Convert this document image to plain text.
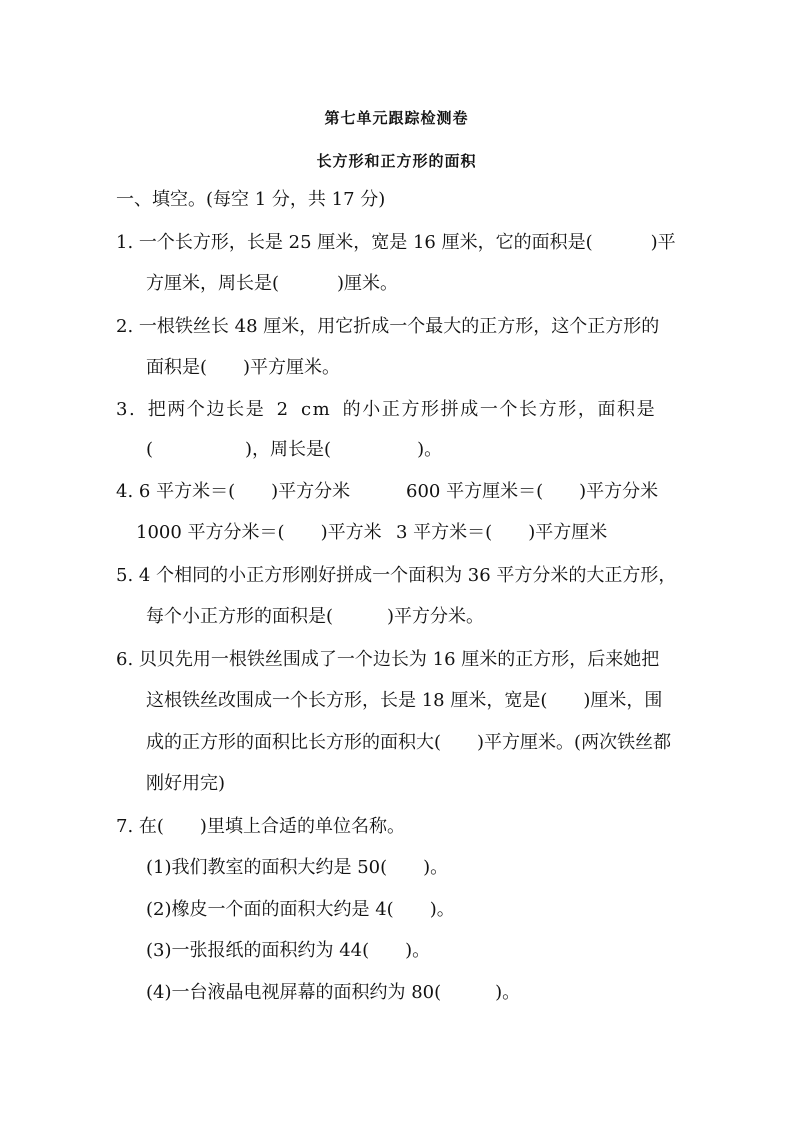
第七单元跟踪检测卷
长方形和正方形的面积
一、填空。(每空 1 分，共 17 分)
1. 一个长方形，长是 25 厘米，宽是 16 厘米，它的面积是(	)平
方厘米，周长是(	)厘米。
2. 一根铁丝长 48 厘米，用它折成一个最大的正方形，这个正方形的
面积是( )平方厘米。
3. 把两个边长是 2 cm 的小正方形拼成一个长方形，面积是
(	)，周长是(	)。
4. 6 平方米＝( )平方分米	600 平方厘米＝( )平方分米
1000 平方分米＝( )平方米 3 平方米＝( )平方厘米
5. 4 个相同的小正方形刚好拼成一个面积为 36 平方分米的大正方形，
每个小正方形的面积是(	)平方分米。
6. 贝贝先用一根铁丝围成了一个边长为 16 厘米的正方形，后来她把
这根铁丝改围成一个长方形，长是 18 厘米，宽是( )厘米，围
成的正方形的面积比长方形的面积大( )平方厘米。(两次铁丝都
刚好用完)
7. 在( )里填上合适的单位名称。
(1)我们教室的面积大约是 50( )。
(2)橡皮一个面的面积大约是 4( )。
(3)一张报纸的面积约为 44( )。
(4)一台液晶电视屏幕的面积约为 80(	)。
